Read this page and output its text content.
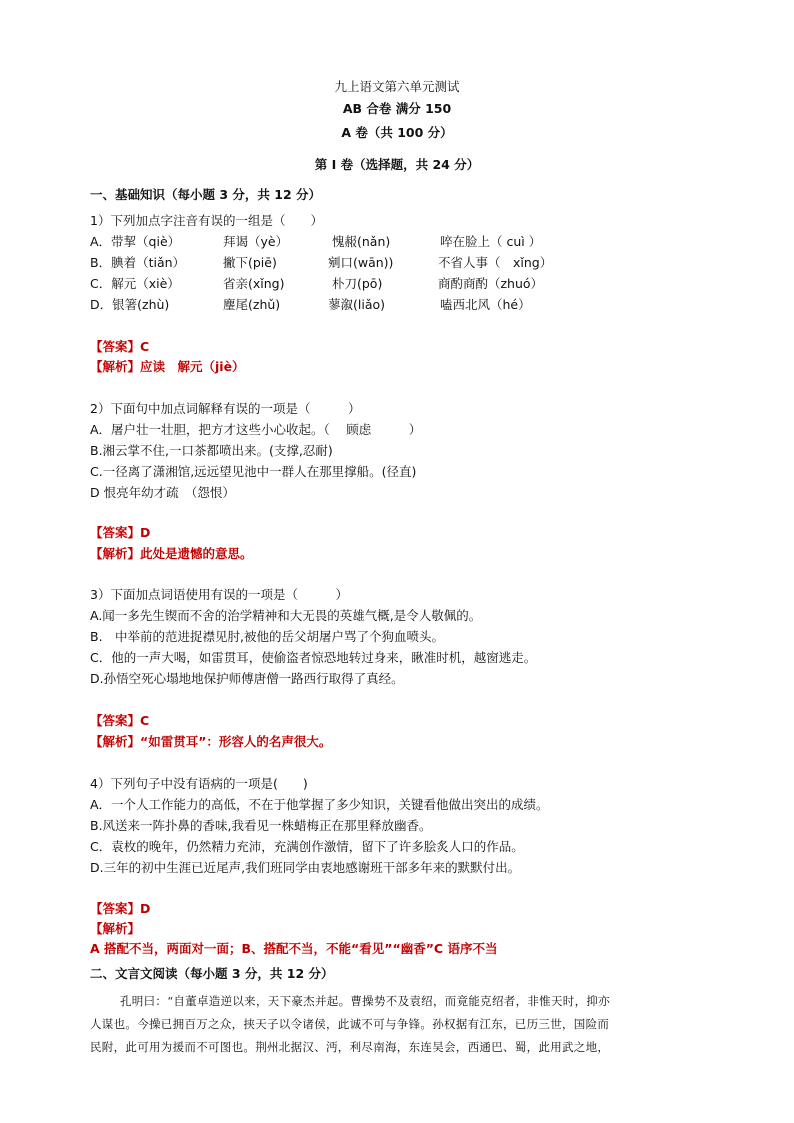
九上语文第六单元测试
AB 合卷 满分 150
A 卷（共 100 分）
第 I 卷（选择题，共 24 分）
一、基础知识（每小题 3 分，共 12 分）
1）下列加点字注音有误的一组是（　　）
A．带挈（qiè）	拜谒（yè）	愧赧(nǎn)	啐在脸上（ cuì ）
B．腆着（tiǎn）	撇下(piē)	剜口(wān))	不省人事（　xǐng）
C．解元（xiè）	省亲(xǐng)	朴刀(pō)	商酌商酌（zhuó）
D．银箸(zhù)	麈尾(zhǔ)	蓼溆(liǎo)	嗑西北风（hé）
【答案】C
【解析】应读　解元（jiè）
2）下面句中加点词解释有误的一项是（　　　）
A．屠户壮一壮胆，把方才这些小心收起。（　 顾虑　　　）
B.湘云掌不住,一口茶都喷出来。(支撑,忍耐)
C.一径离了潇湘馆,远远望见池中一群人在那里撑船。(径直)
D 恨亮年幼才疏　（怨恨）
【答案】D
【解析】此处是遗憾的意思。
3）下面加点词语使用有误的一项是（　　　）
A.闻一多先生锲而不舍的治学精神和大无畏的英雄气概,是令人敬佩的。
B.　中举前的范进捉襟见肘,被他的岳父胡屠户骂了个狗血喷头。
C．他的一声大喝，如雷贯耳，使偷盗者惊恐地转过身来，瞅准时机，越窗逃走。
D.孙悟空死心塌地地保护师傅唐僧一路西行取得了真经。
【答案】C
【解析】“如雷贯耳”：形容人的名声很大。
4）下列句子中没有语病的一项是(　　)
A．一个人工作能力的高低，不在于他掌握了多少知识，关键看他做出突出的成绩。
B.风送来一阵扑鼻的香味,我看见一株蜡梅正在那里释放幽香。
C．袁枚的晚年，仍然精力充沛，充满创作激情，留下了许多脍炙人口的作品。
D.三年的初中生涯已近尾声,我们班同学由衷地感谢班干部多年来的默默付出。
【答案】D
【解析】
A 搭配不当，两面对一面；B、搭配不当，不能“看见”“幽香”C 语序不当
二、文言文阅读（每小题 3 分，共 12 分）
孔明曰：“自董卓造逆以来，天下豪杰并起。曹操势不及袁绍，而竟能克绍者，非惟天时，抑亦
人谋也。今操已拥百万之众，挟天子以令诸侯，此诚不可与争锋。孙权据有江东，已历三世，国险而
民附，此可用为援而不可图也。荆州北据汉、沔，利尽南海，东连吴会，西通巴、蜀，此用武之地，
